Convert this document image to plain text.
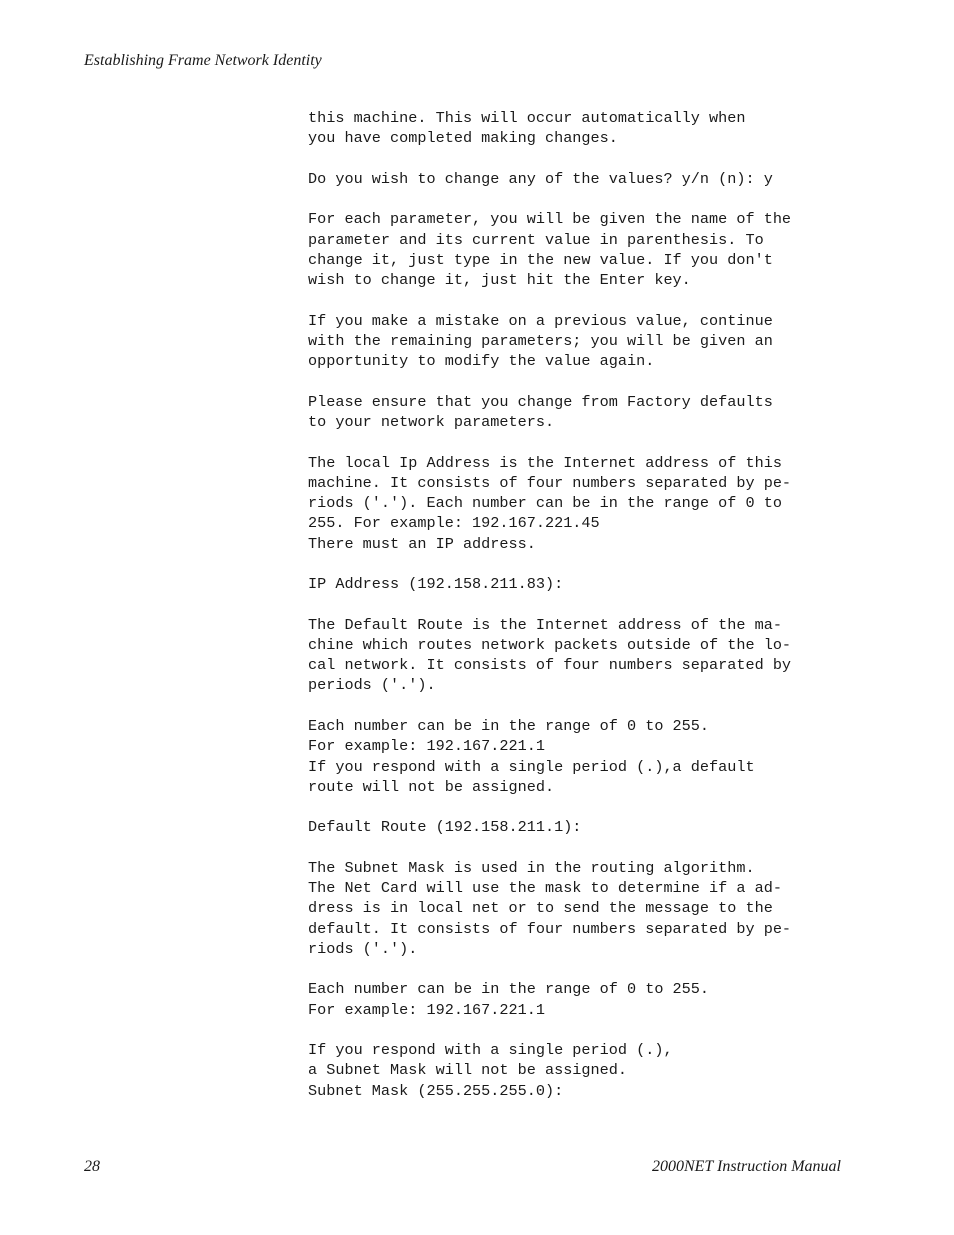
Establishing Frame Network Identity
this machine. This will occur automatically when
you have completed making changes.
Do you wish to change any of the values? y/n (n): y
For each parameter, you will be given the name of the
parameter and its current value in parenthesis. To
change it, just type in the new value. If you don't
wish to change it, just hit the Enter key.
If you make a mistake on a previous value, continue
with the remaining parameters; you will be given an
opportunity to modify the value again.
Please ensure that you change from Factory defaults
to your network parameters.
The local Ip Address is the Internet address of this
machine. It consists of four numbers separated by pe-
riods ('.'). Each number can be in the range of 0 to
255. For example: 192.167.221.45
There must an IP address.
IP Address (192.158.211.83):
The Default Route is the Internet address of the ma-
chine which routes network packets outside of the lo-
cal network. It consists of four numbers separated by
periods ('.').
Each number can be in the range of 0 to 255.
For example: 192.167.221.1
If you respond with a single period (.),a default
route will not be assigned.
Default Route (192.158.211.1):
The Subnet Mask is used in the routing algorithm.
The Net Card will use the mask to determine if a ad-
dress is in local net or to send the message to the
default. It consists of four numbers separated by pe-
riods ('.').
Each number can be in the range of 0 to 255.
For example: 192.167.221.1
If you respond with a single period (.),
a Subnet Mask will not be assigned.
Subnet Mask (255.255.255.0):
28	2000NET Instruction Manual
